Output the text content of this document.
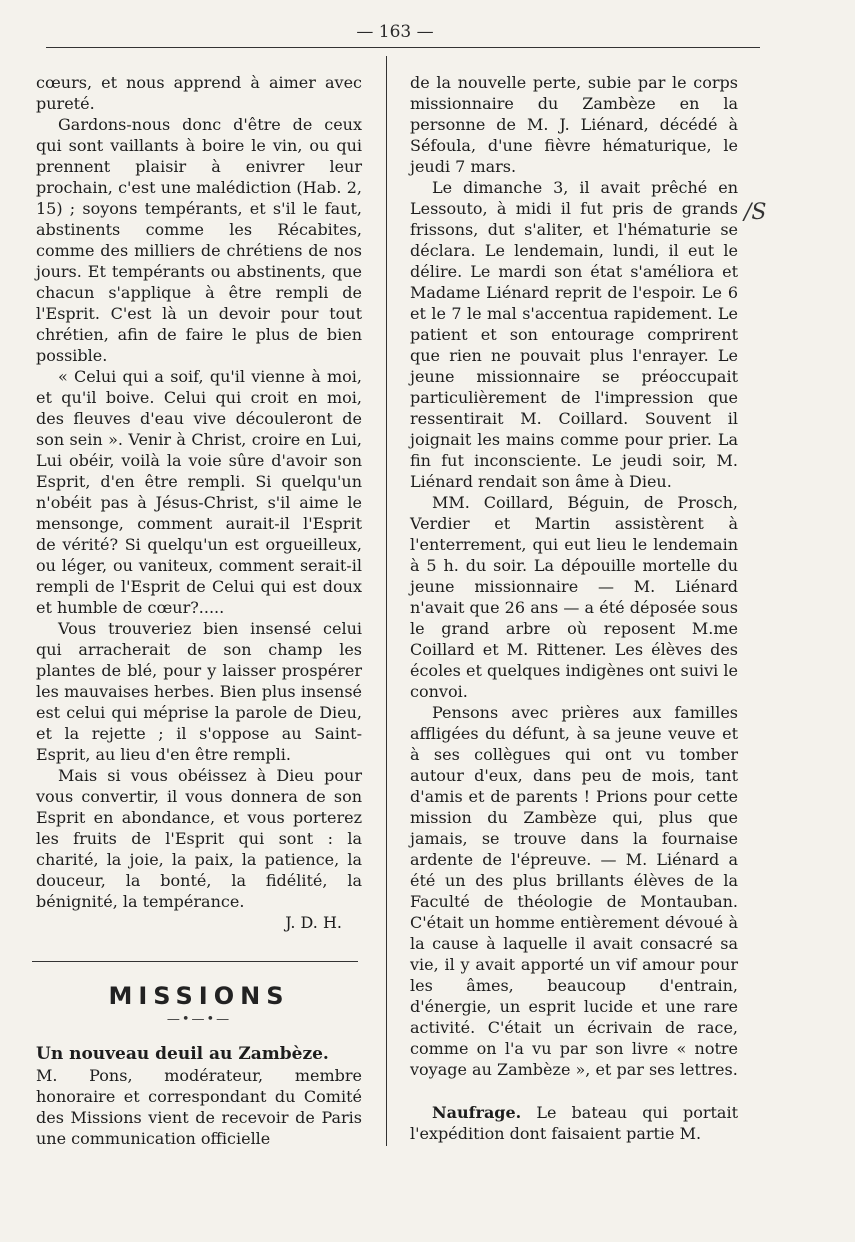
— 163 —

cœurs, et nous apprend à aimer avec pureté.

Gardons-nous donc d'être de ceux qui sont vaillants à boire le vin, ou qui prennent plaisir à enivrer leur prochain, c'est une malédiction (Hab. 2, 15) ; soyons tempérants, et s'il le faut, abstinents comme les Récabites, comme des milliers de chrétiens de nos jours. Et tempérants ou abstinents, que chacun s'applique à être rempli de l'Esprit. C'est là un devoir pour tout chrétien, afin de faire le plus de bien possible.

« Celui qui a soif, qu'il vienne à moi, et qu'il boive. Celui qui croit en moi, des fleuves d'eau vive découleront de son sein ». Venir à Christ, croire en Lui, Lui obéir, voilà la voie sûre d'avoir son Esprit, d'en être rempli. Si quelqu'un n'obéit pas à Jésus-Christ, s'il aime le mensonge, comment aurait-il l'Esprit de vérité? Si quelqu'un est orgueilleux, ou léger, ou vaniteux, comment serait-il rempli de l'Esprit de Celui qui est doux et humble de cœur?.....

Vous trouveriez bien insensé celui qui arracherait de son champ les plantes de blé, pour y laisser prospérer les mauvaises herbes. Bien plus insensé est celui qui méprise la parole de Dieu, et la rejette ; il s'oppose au Saint-Esprit, au lieu d'en être rempli.

Mais si vous obéissez à Dieu pour vous convertir, il vous donnera de son Esprit en abondance, et vous porterez les fruits de l'Esprit qui sont : la charité, la joie, la paix, la patience, la douceur, la bonté, la fidélité, la bénignité, la tempérance.

J. D. H.

MISSIONS
—•—•—
Un nouveau deuil au Zambèze.

M. Pons, modérateur, membre honoraire et correspondant du Comité des Missions vient de recevoir de Paris une communication officielle

de la nouvelle perte, subie par le corps missionnaire du Zambèze en la personne de M. J. Liénard, décédé à Séfoula, d'une fièvre hématurique, le jeudi 7 mars.

Le dimanche 3, il avait prêché en Lessouto, à midi il fut pris de grands frissons, dut s'aliter, et l'hématurie se déclara. Le lendemain, lundi, il eut le délire. Le mardi son état s'améliora et Madame Liénard reprit de l'espoir. Le 6 et le 7 le mal s'accentua rapidement. Le patient et son entourage comprirent que rien ne pouvait plus l'enrayer. Le jeune missionnaire se préoccupait particulièrement de l'impression que ressentirait M. Coillard. Souvent il joignait les mains comme pour prier. La fin fut inconsciente. Le jeudi soir, M. Liénard rendait son âme à Dieu.

MM. Coillard, Béguin, de Prosch, Verdier et Martin assistèrent à l'enterrement, qui eut lieu le lendemain à 5 h. du soir. La dépouille mortelle du jeune missionnaire — M. Liénard n'avait que 26 ans — a été déposée sous le grand arbre où reposent M.me Coillard et M. Rittener. Les élèves des écoles et quelques indigènes ont suivi le convoi.

Pensons avec prières aux familles affligées du défunt, à sa jeune veuve et à ses collègues qui ont vu tomber autour d'eux, dans peu de mois, tant d'amis et de parents ! Prions pour cette mission du Zambèze qui, plus que jamais, se trouve dans la fournaise ardente de l'épreuve. — M. Liénard a été un des plus brillants élèves de la Faculté de théologie de Montauban. C'était un homme entièrement dévoué à la cause à laquelle il avait consacré sa vie, il y avait apporté un vif amour pour les âmes, beaucoup d'entrain, d'énergie, un esprit lucide et une rare activité. C'était un écrivain de race, comme on l'a vu par son livre « notre voyage au Zambèze », et par ses lettres.

Naufrage. Le bateau qui portait l'expédition dont faisaient partie M.

/S
